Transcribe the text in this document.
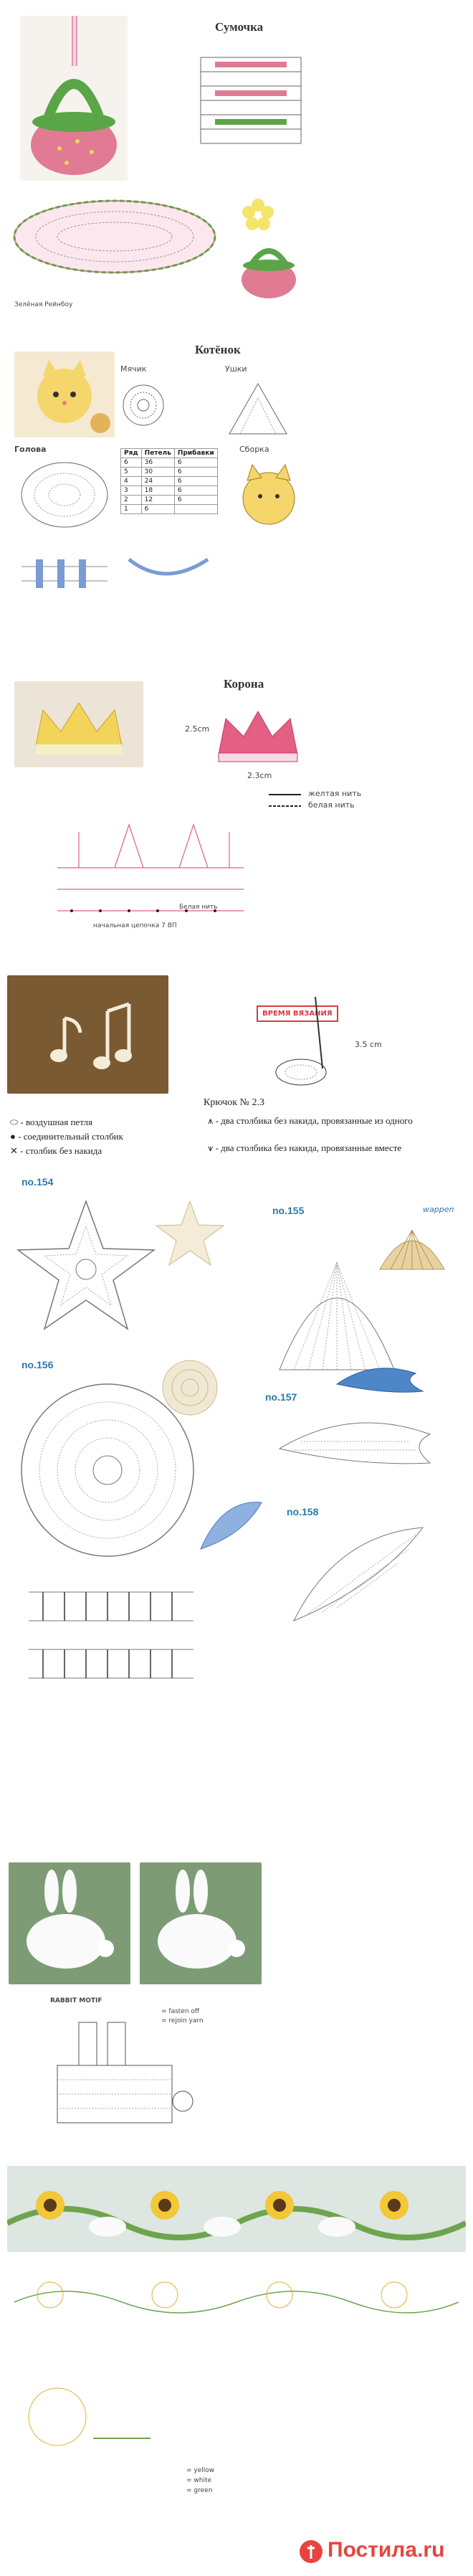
Сумочка
Зелёная Рейнбоу
Котёнок
Мячик	Ушки
Голова	Ряд	Петель	Прибавки
6	36	6
5	30	6
4	24	6
3	18	6
2	12	6
1	6	
Сборка
Корона
2.5cm
2.3cm
желтая нить
белая нить
Белая нить
начальная цепочка 7 ВП
ВРЕМЯ ВЯЗАНИЯ
3.5 cm
Крючок № 2.3
⬭ - воздушная петля
● - соединительный столбик
✕ - столбик без накида
⩚ - два столбика без накида, провязанные из одного
⩛ - два столбика без накида, провязанные вместе
no.154
no.155	wappen
no.156
no.157
no.158
RABBIT MOTIF
= fasten off
= rejoin yarn
= yellow
= white
= green
Постила.ru
